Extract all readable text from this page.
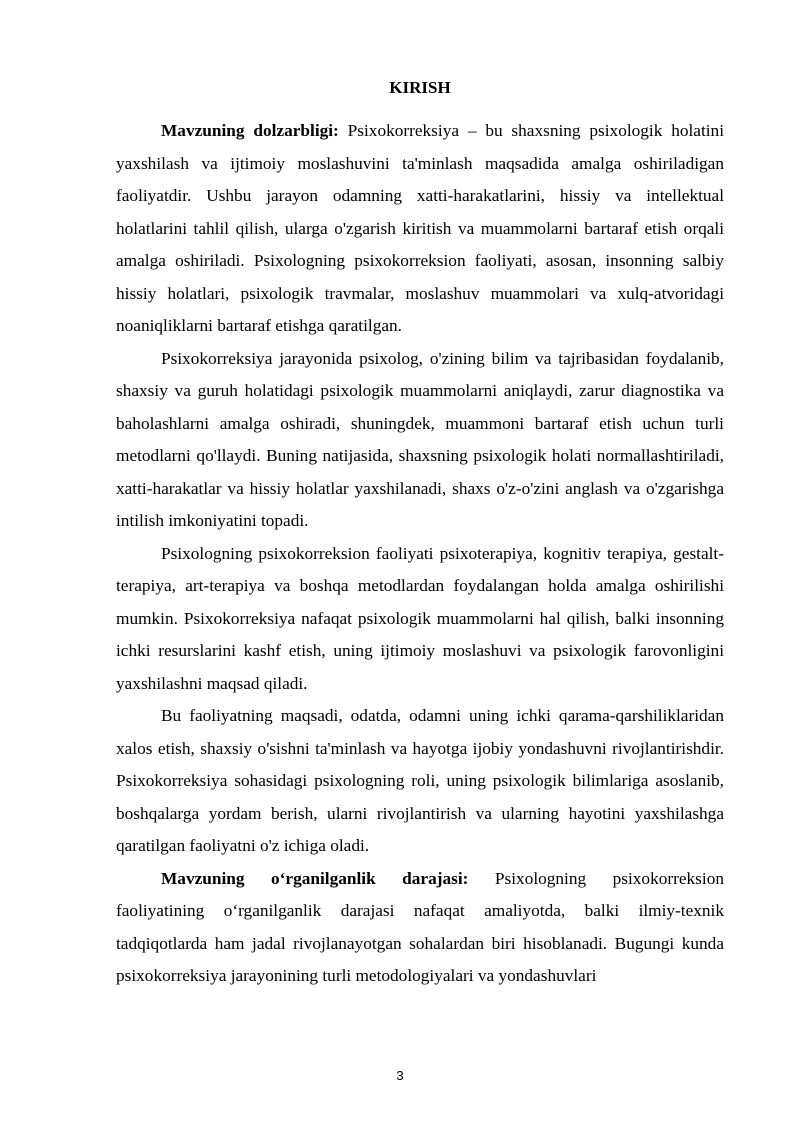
KIRISH

Mavzuning dolzarbligi: Psixokorreksiya – bu shaxsning psixologik holatini yaxshilash va ijtimoiy moslashuvini ta'minlash maqsadida amalga oshiriladigan faoliyatdir. Ushbu jarayon odamning xatti-harakatlarini, hissiy va intellektual holatlarini tahlil qilish, ularga o'zgarish kiritish va muammolarni bartaraf etish orqali amalga oshiriladi. Psixologning psixokorreksion faoliyati, asosan, insonning salbiy hissiy holatlari, psixologik travmalar, moslashuv muammolari va xulq-atvoridagi noaniqliklarni bartaraf etishga qaratilgan.

Psixokorreksiya jarayonida psixolog, o'zining bilim va tajribasidan foydalanib, shaxsiy va guruh holatidagi psixologik muammolarni aniqlaydi, zarur diagnostika va baholashlarni amalga oshiradi, shuningdek, muammoni bartaraf etish uchun turli metodlarni qo'llaydi. Buning natijasida, shaxsning psixologik holati normallashtiriladi, xatti-harakatlar va hissiy holatlar yaxshilanadi, shaxs o'z-o'zini anglash va o'zgarishga intilish imkoniyatini topadi.

Psixologning psixokorreksion faoliyati psixoterapiya, kognitiv terapiya, gestalt-terapiya, art-terapiya va boshqa metodlardan foydalangan holda amalga oshirilishi mumkin. Psixokorreksiya nafaqat psixologik muammolarni hal qilish, balki insonning ichki resurslarini kashf etish, uning ijtimoiy moslashuvi va psixologik farovonligini yaxshilashni maqsad qiladi.

Bu faoliyatning maqsadi, odatda, odamni uning ichki qarama-qarshiliklaridan xalos etish, shaxsiy o'sishni ta'minlash va hayotga ijobiy yondashuvni rivojlantirishdir. Psixokorreksiya sohasidagi psixologning roli, uning psixologik bilimlariga asoslanib, boshqalarga yordam berish, ularni rivojlantirish va ularning hayotini yaxshilashga qaratilgan faoliyatni o'z ichiga oladi.

Mavzuning o‘rganilganlik darajasi: Psixologning psixokorreksion faoliyatining o‘rganilganlik darajasi nafaqat amaliyotda, balki ilmiy-texnik tadqiqotlarda ham jadal rivojlanayotgan sohalardan biri hisoblanadi. Bugungi kunda psixokorreksiya jarayonining turli metodologiyalari va yondashuvlari

3
